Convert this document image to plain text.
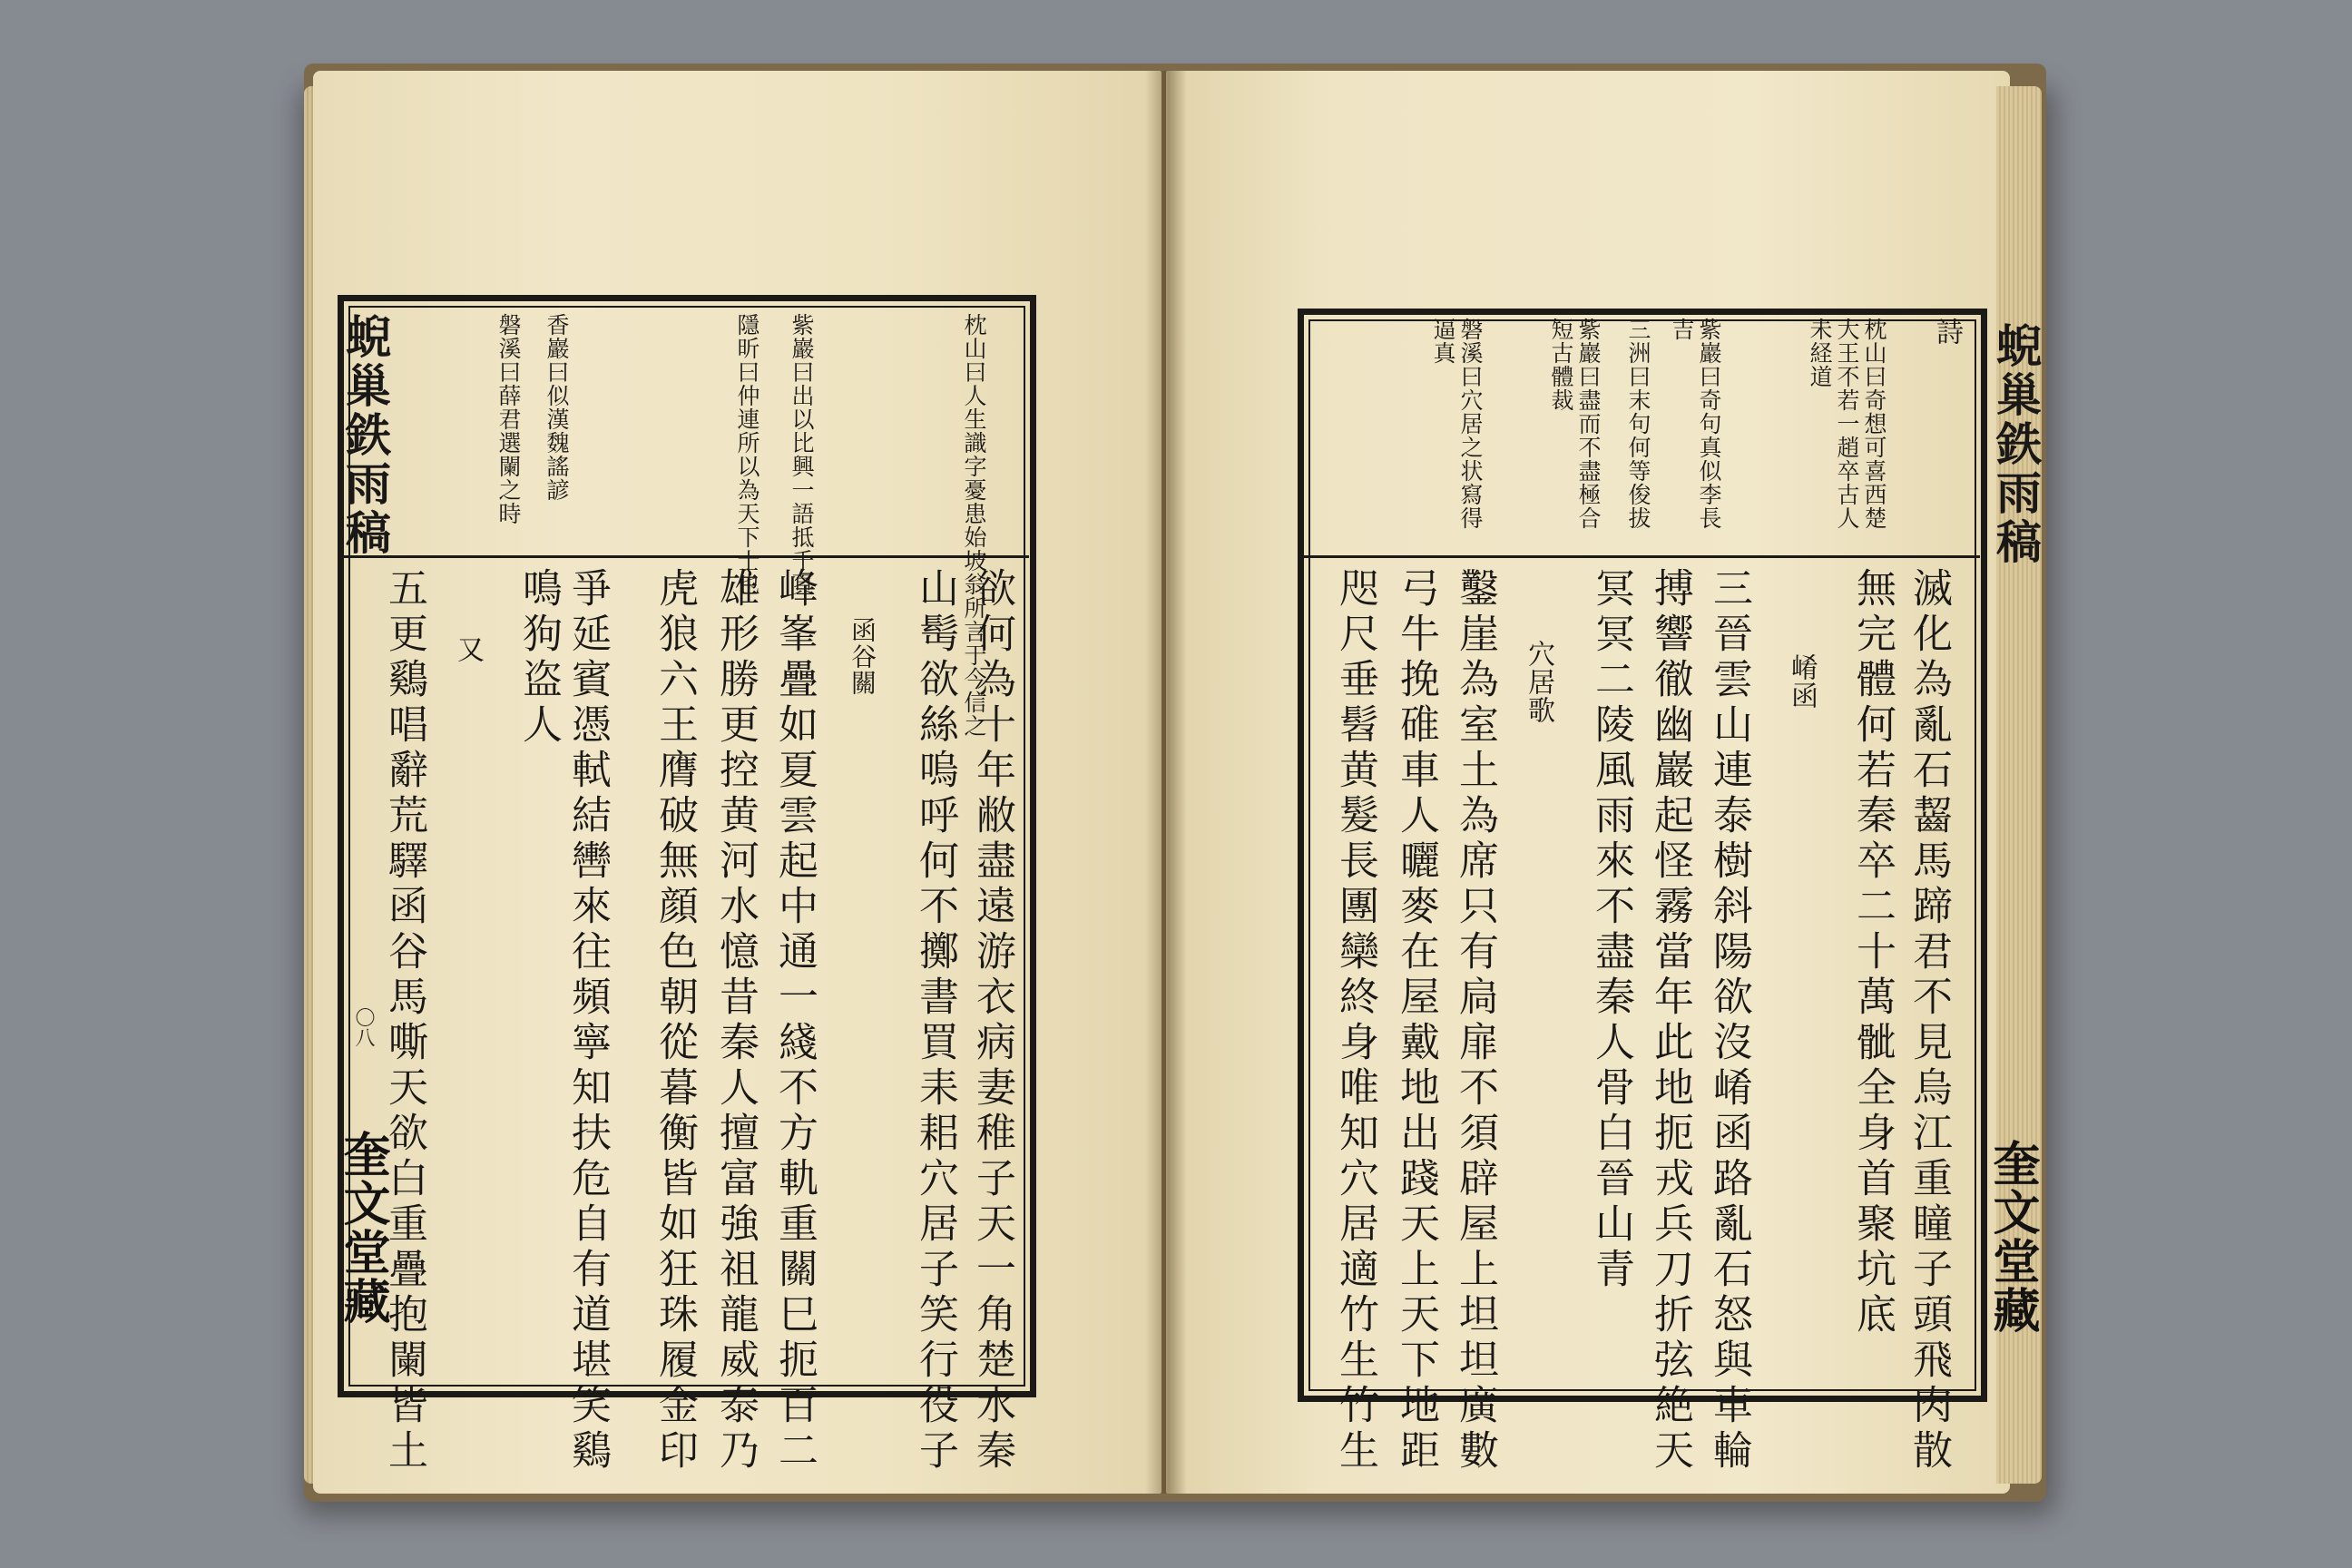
蜺巢鉄雨稿
奎文堂藏
〇八
枕山曰人生識字憂患始坡翁所言于今信之
紫巖曰出以比興一語抵千頁
隱昕曰仲連所以為天下士也
香巖曰似漢魏謠諺
磐溪曰薛君選闌之時
欲何為十年敝盡遠游衣病妻稚子天一角楚水秦
山髩欲絲嗚呼何不擲書買耒耜穴居子笑行役子
函谷關
峰峯疊如夏雲起中通一綫不方軌重關巳扼百二
雄形勝更控黄河水憶昔秦人擅富強祖龍威泰乃
虎狼六王膺破無顔色朝從暮衡皆如狂珠履金印
爭延賓憑軾結轡來往頻寧知扶危自有道堪笑鷄
鳴狗盗人
又
五更鷄唱辭荒驛函谷馬嘶天欲白重疊抱闌皆土
蜺巢鉄雨稿
奎文堂藏
詩
枕山曰奇想可喜西楚大王不若一趙卒古人未経道
紫巖曰奇句真似李長吉
三洲曰末句何等俊拔
紫巖曰盡而不盡極合短古體裁
磐溪曰穴居之状寫得逼真
滅化為亂石齧馬蹄君不見烏江重瞳子頭飛肉散
無完體何若秦卒二十萬骴全身首聚坑底
崤函
三晉雲山連泰樹斜陽欲沒崤函路亂石怒與車輪
搏響徹幽巖起怪霧當年此地扼戎兵刀折弦絶天
冥冥二陵風雨來不盡秦人骨白晉山青
穴居歌
鑿崖為室土為席只有扃扉不須辟屋上坦坦廣數
弓牛挽碓車人曬麥在屋戴地出踐天上天下地距
咫尺垂髫黄髮長團欒終身唯知穴居適竹生竹生
